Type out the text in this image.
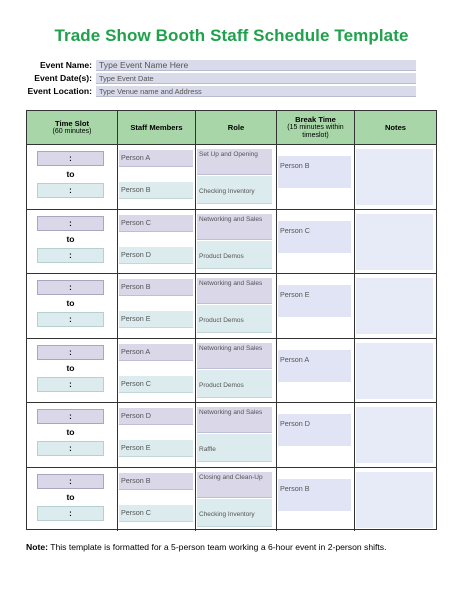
Trade Show Booth Staff Schedule Template
Event Name: Type Event Name Here
Event Date(s): Type Event Date
Event Location: Type Venue name and Address
Time Slot
(60 minutes)	Staff Members	Role
Break Time
(15 minutes within timeslot)
Notes
:
to
:
Person A
Person B
Set Up and Opening
Checking Inventory
Person B
:
to
:
Person C
Person D
Networking and Sales
Product Demos
Person C
:
to
:
Person B
Person E
Networking and Sales
Product Demos
Person E
:
to
:
Person A
Person C
Networking and Sales
Product Demos
Person A
:
to
:
Person D
Person E
Networking and Sales
Raffle
Person D
:
to
:
Person B
Person C
Closing and Clean-Up
Checking Inventory
Person B
Note: This template is formatted for a 5-person team working a 6-hour event in 2-person shifts.
